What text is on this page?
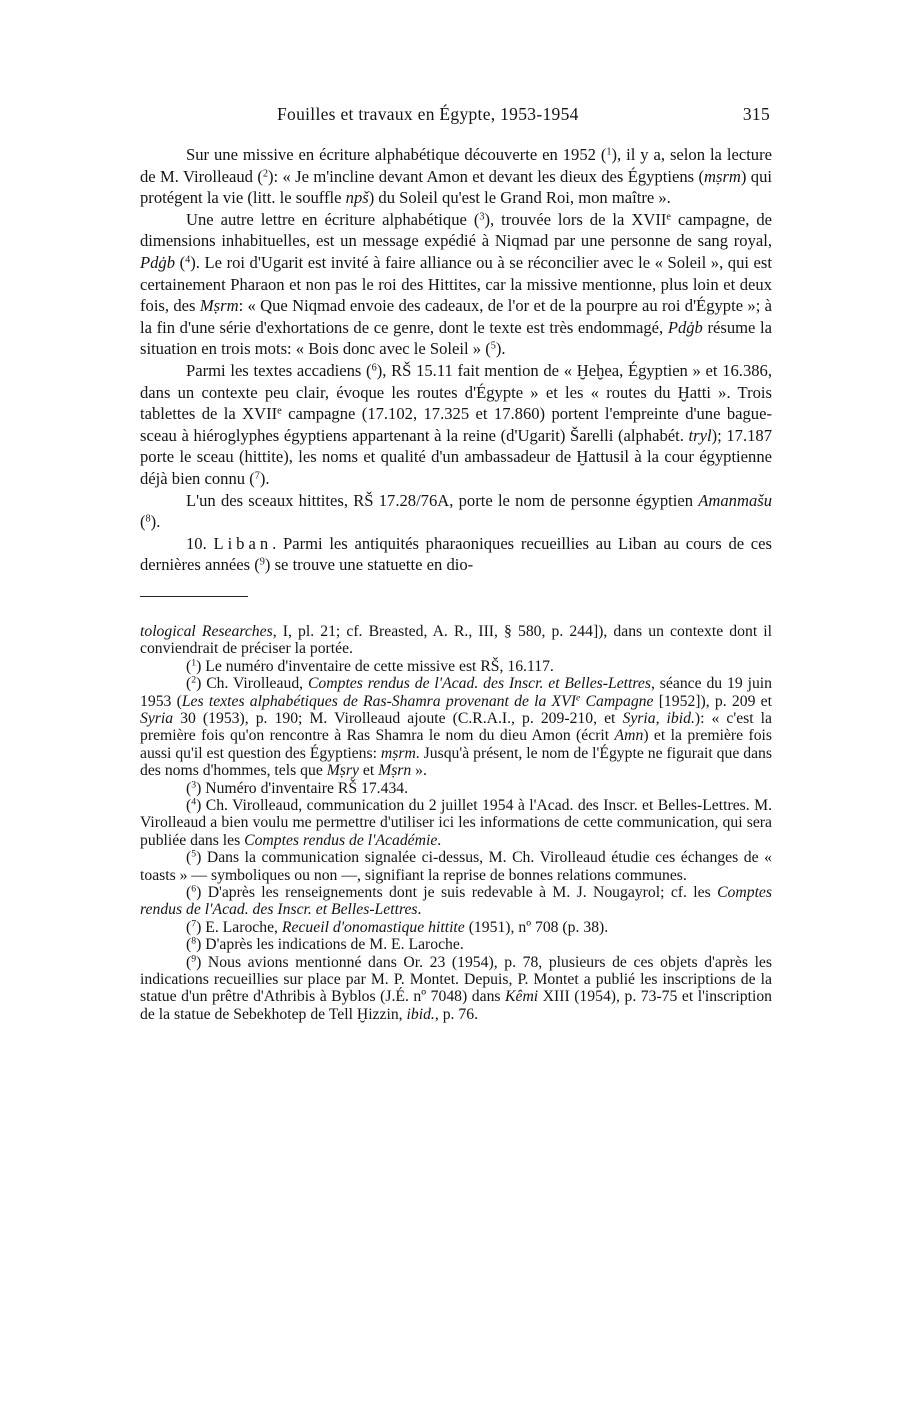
Fouilles et travaux en Égypte, 1953-1954	315

Sur une missive en écriture alphabétique découverte en 1952 ($^1$), il y a, selon la lecture de M. Virolleaud ($^2$): « Je m'incline devant Amon et devant les dieux des Égyptiens (mṣrm) qui protégent la vie (litt. le souffle npš) du Soleil qu'est le Grand Roi, mon maître ».

Une autre lettre en écriture alphabétique ($^3$), trouvée lors de la XVIIe campagne, de dimensions inhabituelles, est un message expédié à Niqmad par une personne de sang royal, Pdġb ($^4$). Le roi d'Ugarit est invité à faire alliance ou à se réconcilier avec le « Soleil », qui est certainement Pharaon et non pas le roi des Hittites, car la missive mentionne, plus loin et deux fois, des Mṣrm: « Que Niqmad envoie des cadeaux, de l'or et de la pourpre au roi d'Égypte »; à la fin d'une série d'exhortations de ce genre, dont le texte est très endommagé, Pdġb résume la situation en trois mots: « Bois donc avec le Soleil » ($^5$).

Parmi les textes accadiens ($^6$), RŠ 15.11 fait mention de « Ḫeḫea, Égyptien » et 16.386, dans un contexte peu clair, évoque les routes d'Égypte » et les « routes du Ḫatti ». Trois tablettes de la XVIIe campagne (17.102, 17.325 et 17.860) portent l'empreinte d'une bague-sceau à hiéroglyphes égyptiens appartenant à la reine (d'Ugarit) Šarelli (alphabét. tryl); 17.187 porte le sceau (hittite), les noms et qualité d'un ambassadeur de Ḫattusil à la cour égyptienne déjà bien connu ($^7$).

L'un des sceaux hittites, RŠ 17.28/76A, porte le nom de personne égyptien Amanmašu ($^8$).

10. Liban. Parmi les antiquités pharaoniques recueillies au Liban au cours de ces dernières années ($^9$) se trouve une statuette en dio-

tological Researches, I, pl. 21; cf. Breasted, A. R., III, § 580, p. 244]), dans un contexte dont il conviendrait de préciser la portée.

($^1$) Le numéro d'inventaire de cette missive est RŠ, 16.117.

($^2$) Ch. Virolleaud, Comptes rendus de l'Acad. des Inscr. et Belles-Lettres, séance du 19 juin 1953 (Les textes alphabétiques de Ras-Shamra provenant de la XVIe Campagne [1952]), p. 209 et Syria 30 (1953), p. 190; M. Virolleaud ajoute (C.R.A.I., p. 209-210, et Syria, ibid.): « c'est la première fois qu'on rencontre à Ras Shamra le nom du dieu Amon (écrit Amn) et la première fois aussi qu'il est question des Égyptiens: mṣrm. Jusqu'à présent, le nom de l'Égypte ne figurait que dans des noms d'hommes, tels que Mṣry et Mṣrn ».

($^3$) Numéro d'inventaire RŠ 17.434.

($^4$) Ch. Virolleaud, communication du 2 juillet 1954 à l'Acad. des Inscr. et Belles-Lettres. M. Virolleaud a bien voulu me permettre d'utiliser ici les informations de cette communication, qui sera publiée dans les Comptes rendus de l'Académie.

($^5$) Dans la communication signalée ci-dessus, M. Ch. Virolleaud étudie ces échanges de « toasts » — symboliques ou non —, signifiant la reprise de bonnes relations communes.

($^6$) D'après les renseignements dont je suis redevable à M. J. Nougayrol; cf. les Comptes rendus de l'Acad. des Inscr. et Belles-Lettres.

($^7$) E. Laroche, Recueil d'onomastique hittite (1951), nº 708 (p. 38).

($^8$) D'après les indications de M. E. Laroche.

($^9$) Nous avions mentionné dans Or. 23 (1954), p. 78, plusieurs de ces objets d'après les indications recueillies sur place par M. P. Montet. Depuis, P. Montet a publié les inscriptions de la statue d'un prêtre d'Athribis à Byblos (J.É. nº 7048) dans Kêmi XIII (1954), p. 73-75 et l'inscription de la statue de Sebekhotep de Tell Ḫizzin, ibid., p. 76.
